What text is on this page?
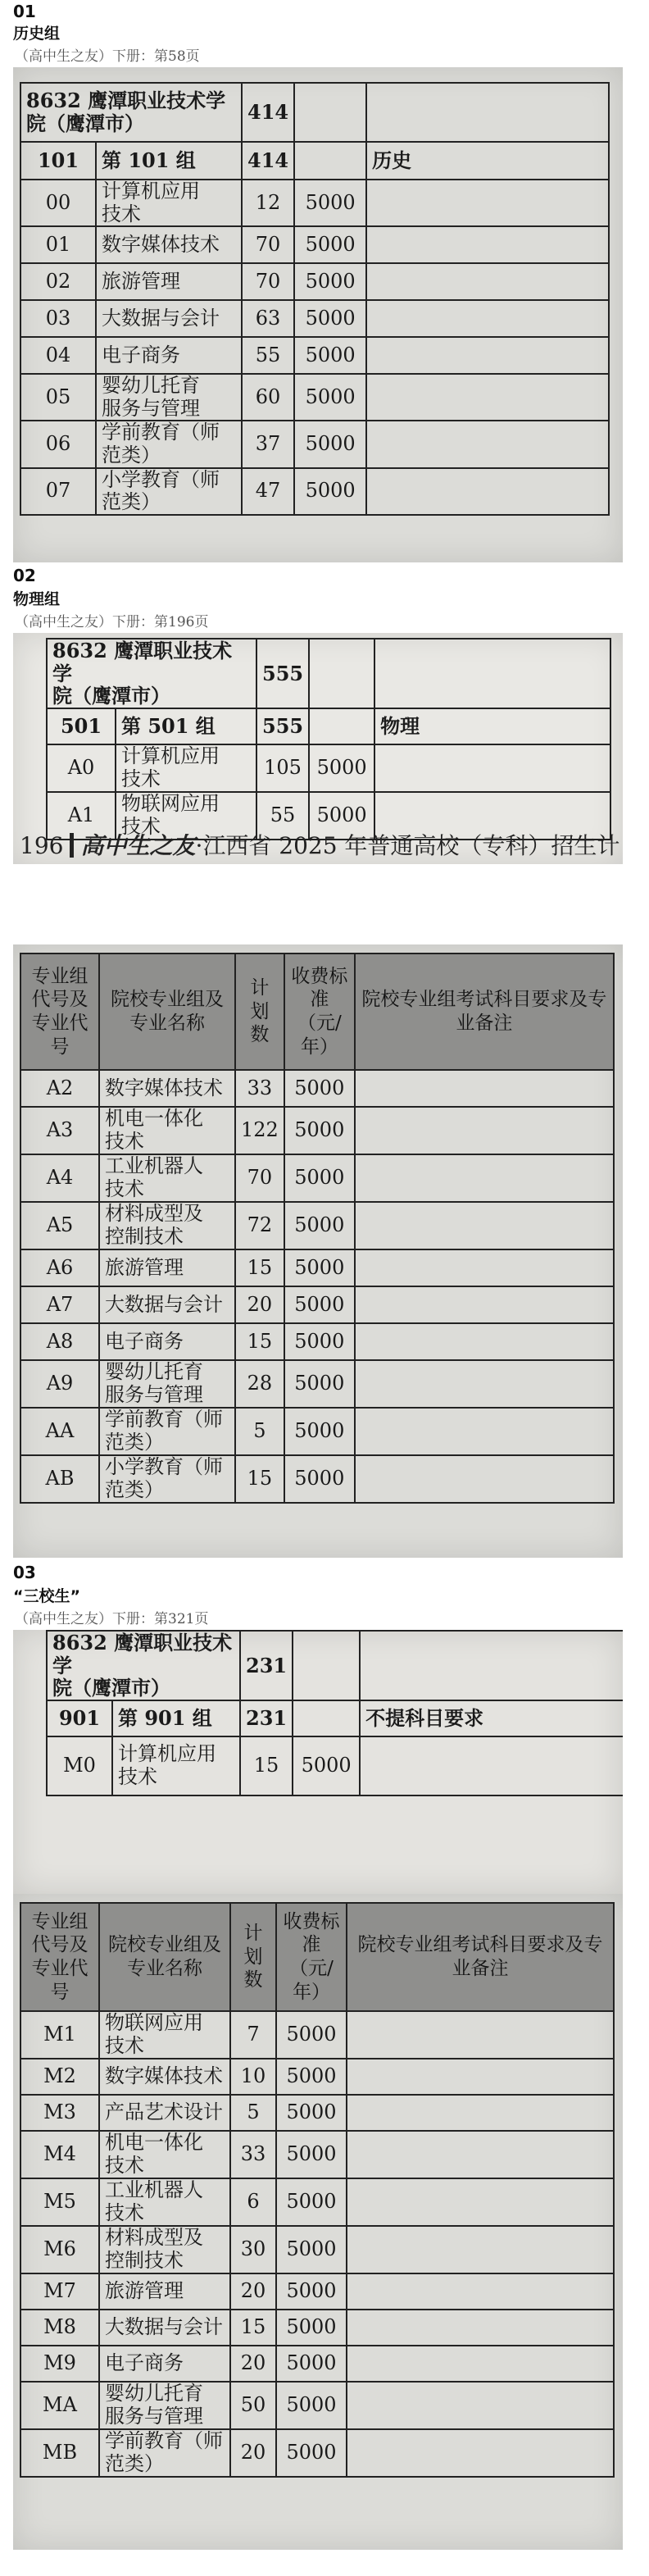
01
历史组
（高中生之友）下册：第58页
8632 鹰潭职业技术学
院（鹰潭市）		414		
101	第 101 组	414		历史
00	计算机应用
技术	12	5000	
01	数字媒体技术	70	5000	
02	旅游管理	70	5000	
03	大数据与会计	63	5000	
04	电子商务	55	5000	
05	婴幼儿托育
服务与管理	60	5000	
06	学前教育（师
范类）	37	5000	
07	小学教育（师
范类）	47	5000	
02
物理组
（高中生之友）下册：第196页
8632 鹰潭职业技术学
院（鹰潭市）		555		
501	第 501 组	555		物理
A0	计算机应用
技术	105	5000	
A1	物联网应用
技术	55	5000	
196 高中生之友·江西省 2025 年普通高校（专科）招生计
专业组代号及专业代号	院校专业组及专业名称	计划数	收费标准（元/年）	院校专业组考试科目要求及专业备注
A2	数字媒体技术	33	5000	
A3	机电一体化
技术	122	5000	
A4	工业机器人
技术	70	5000	
A5	材料成型及
控制技术	72	5000	
A6	旅游管理	15	5000	
A7	大数据与会计	20	5000	
A8	电子商务	15	5000	
A9	婴幼儿托育
服务与管理	28	5000	
AA	学前教育（师
范类）	5	5000	
AB	小学教育（师
范类）	15	5000	
03
“三校生”
（高中生之友）下册：第321页
8632 鹰潭职业技术学
院（鹰潭市）		231		
901	第 901 组	231		不提科目要求
M0	计算机应用
技术	15	5000	
专业组代号及专业代号	院校专业组及专业名称	计划数	收费标准（元/年）	院校专业组考试科目要求及专业备注
M1	物联网应用
技术	7	5000	
M2	数字媒体技术	10	5000	
M3	产品艺术设计	5	5000	
M4	机电一体化
技术	33	5000	
M5	工业机器人
技术	6	5000	
M6	材料成型及
控制技术	30	5000	
M7	旅游管理	20	5000	
M8	大数据与会计	15	5000	
M9	电子商务	20	5000	
MA	婴幼儿托育
服务与管理	50	5000	
MB	学前教育（师
范类）	20	5000	
